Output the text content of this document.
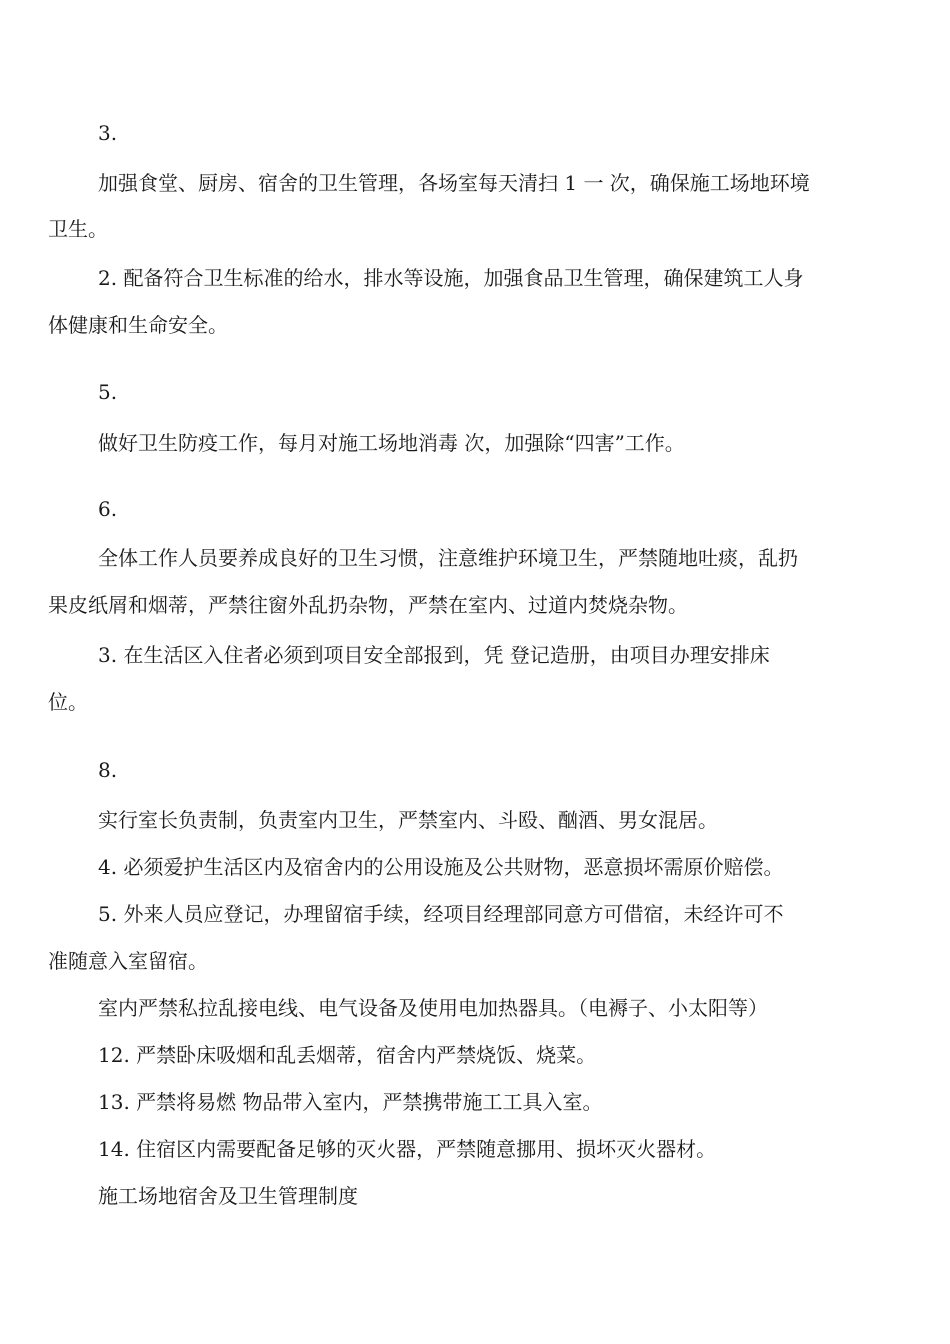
3.
加强食堂、厨房、宿舍的卫生管理，各场室每天清扫 1 一 次，确保施工场地环境
卫生。
2. 配备符合卫生标准的给水，排水等设施，加强食品卫生管理，确保建筑工人身
体健康和生命安全。
5.
做好卫生防疫工作，每月对施工场地消毒 次，加强除“四害”工作。
6.
全体工作人员要养成良好的卫生习惯，注意维护环境卫生，严禁随地吐痰，乱扔
果皮纸屑和烟蒂，严禁往窗外乱扔杂物，严禁在室内、过道内焚烧杂物。
3. 在生活区入住者必须到项目安全部报到，凭 登记造册，由项目办理安排床
位。
8.
实行室长负责制，负责室内卫生，严禁室内、斗殴、酗酒、男女混居。
4. 必须爱护生活区内及宿舍内的公用设施及公共财物，恶意损坏需原价赔偿。
5. 外来人员应登记，办理留宿手续，经项目经理部同意方可借宿，未经许可不
准随意入室留宿。
室内严禁私拉乱接电线、电气设备及使用电加热器具。（电褥子、小太阳等）
12. 严禁卧床吸烟和乱丢烟蒂，宿舍内严禁烧饭、烧菜。
13. 严禁将易燃 物品带入室内，严禁携带施工工具入室。
14. 住宿区内需要配备足够的灭火器，严禁随意挪用、损坏灭火器材。
施工场地宿舍及卫生管理制度
